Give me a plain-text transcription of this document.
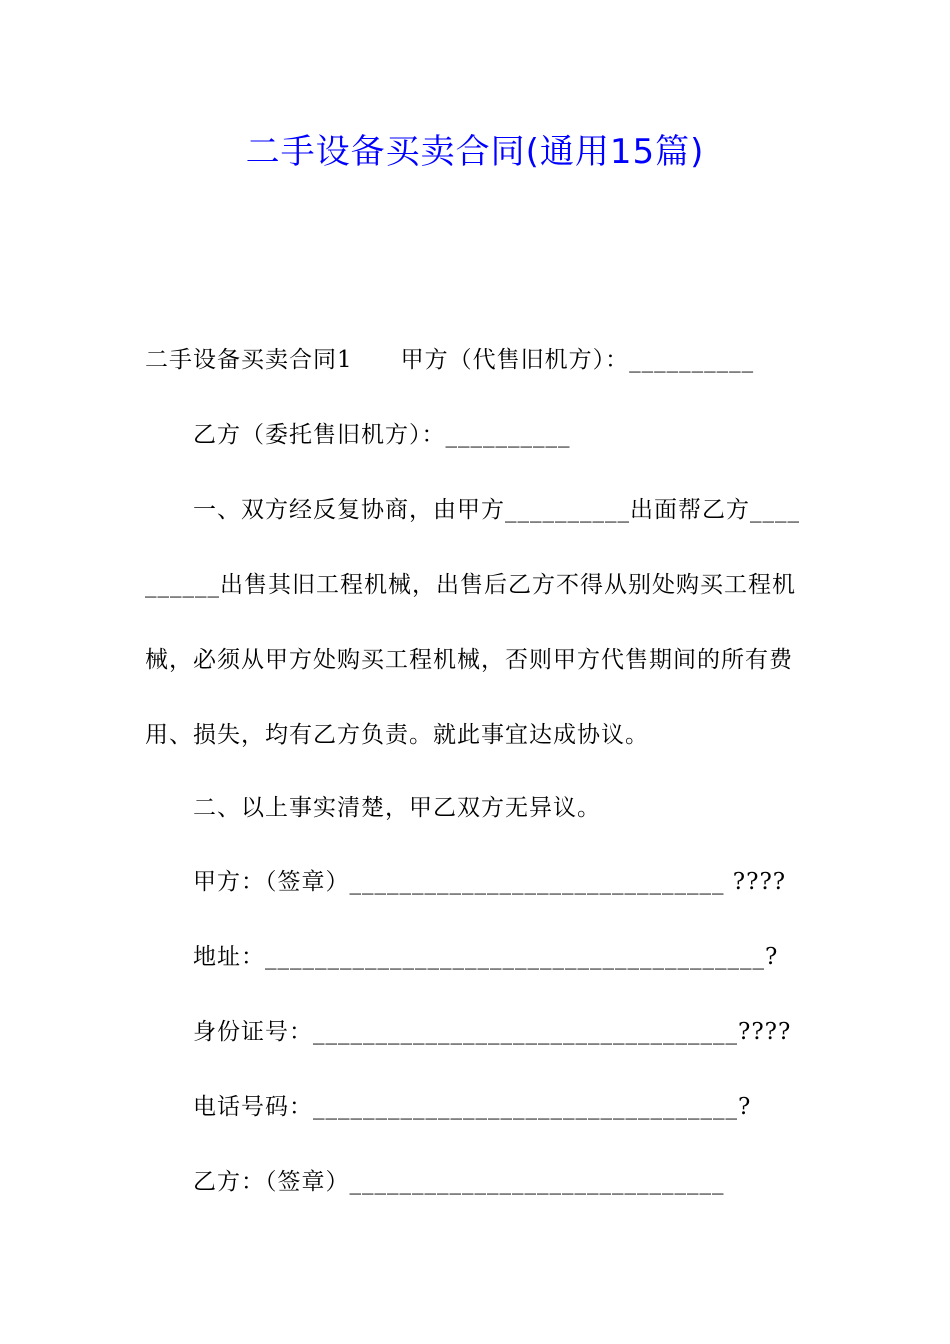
二手设备买卖合同(通用15篇)
二手设备买卖合同1　　甲方（代售旧机方）：__________
乙方（委托售旧机方）：__________
一、双方经反复协商，由甲方__________出面帮乙方____
______出售其旧工程机械，出售后乙方不得从别处购买工程机
械，必须从甲方处购买工程机械，否则甲方代售期间的所有费
用、损失，均有乙方负责。就此事宜达成协议。
二、以上事实清楚，甲乙双方无异议。
甲方：（签章）______________________________ ????
地址：________________________________________?
身份证号：__________________________________????
电话号码：__________________________________?
乙方：（签章）______________________________
